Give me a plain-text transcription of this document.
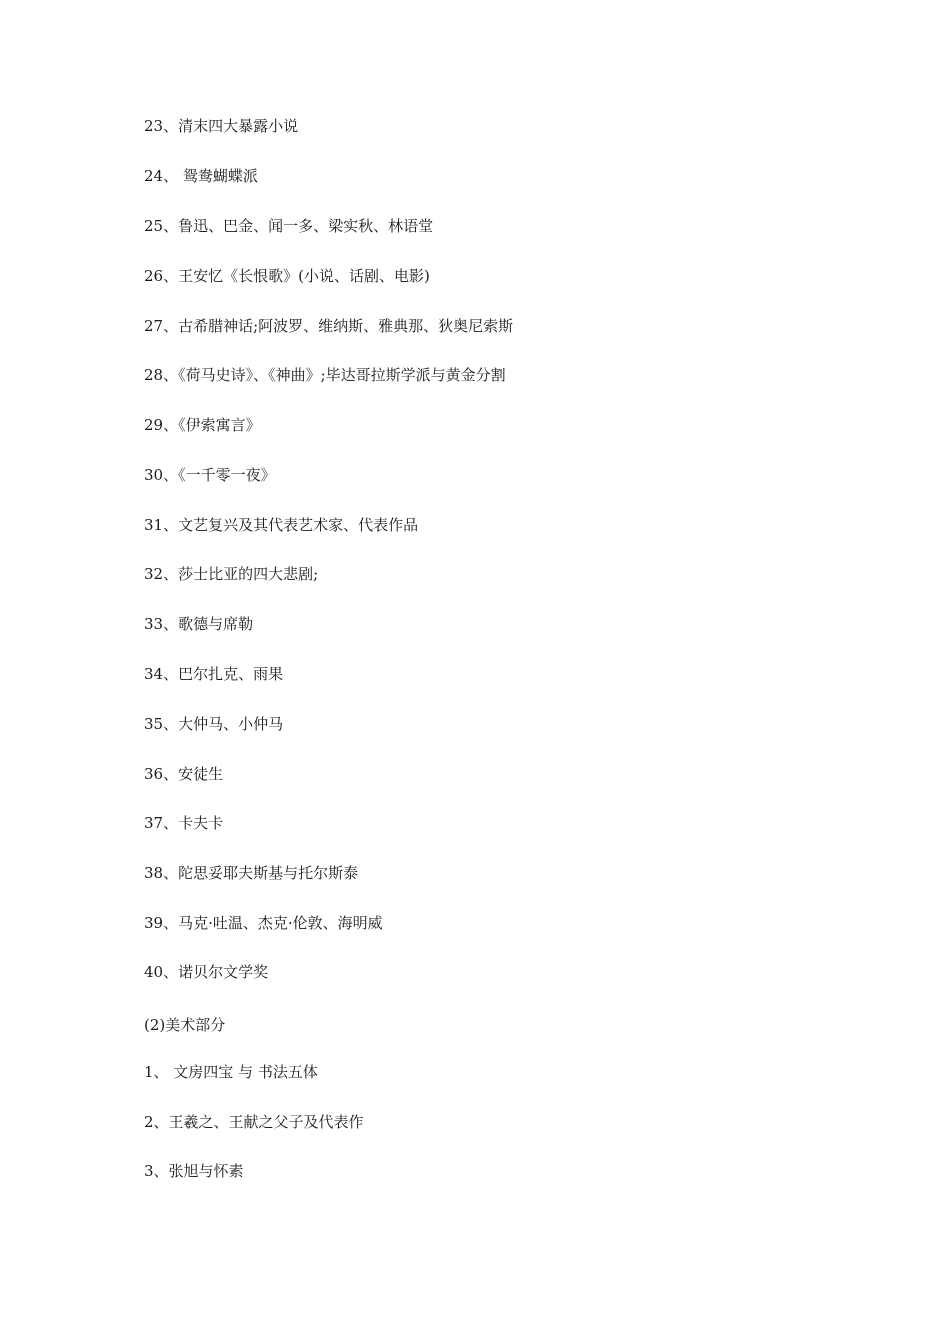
23、清末四大暴露小说
24、 鸳鸯蝴蝶派
25、鲁迅、巴金、闻一多、梁实秋、林语堂
26、王安忆《长恨歌》(小说、话剧、电影)
27、古希腊神话;阿波罗、维纳斯、雅典那、狄奥尼索斯
28、《荷马史诗》、《神曲》;毕达哥拉斯学派与黄金分割
29、《伊索寓言》
30、《一千零一夜》
31、文艺复兴及其代表艺术家、代表作品
32、莎士比亚的四大悲剧;
33、歌德与席勒
34、巴尔扎克、雨果
35、大仲马、小仲马
36、安徒生
37、卡夫卡
38、陀思妥耶夫斯基与托尔斯泰
39、马克·吐温、杰克·伦敦、海明威
40、诺贝尔文学奖
(2)美术部分
1、 文房四宝 与 书法五体
2、王羲之、王献之父子及代表作
3、张旭与怀素
